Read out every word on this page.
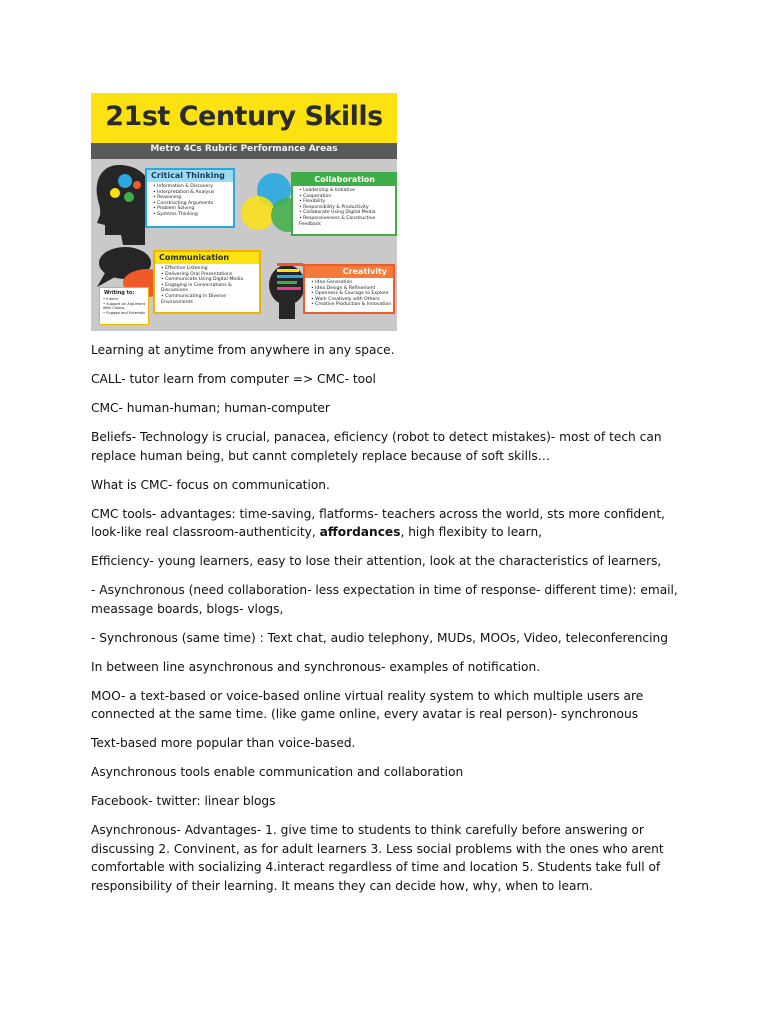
21st Century Skills
Metro 4Cs Rubric Performance Areas
Critical Thinking
• Information & Discovery
• Interpretation & Analysis
• Reasoning
• Constructing Arguments
• Problem Solving
• Systems Thinking
Collaboration
• Leadership & Initiative
• Cooperation
• Flexibility
• Responsibility & Productivity
• Collaborate Using Digital Media
• Responsiveness & Constructive Feedback
Communication
• Effective Listening
• Delivering Oral Presentations
• Communicate Using Digital Media
• Engaging in Conversations & Discussions
• Communicating in Diverse Environments
Creativity
• Idea Generation
• Idea Design & Refinement
• Openness & Courage to Explore
• Work Creatively with Others
• Creative Production & Innovation
Writing to:
• Inform
• Support an Argument With Claims
• Engage and Entertain

Learning at anytime from anywhere in any space.

CALL- tutor learn from computer => CMC- tool

CMC- human-human; human-computer

Beliefs- Technology is crucial, panacea, eficiency (robot to detect mistakes)- most of tech can replace human being, but cannt completely replace because of soft skills…

What is CMC- focus on communication.

CMC tools- advantages: time-saving, flatforms- teachers across the world, sts more confident, look-like real classroom-authenticity, affordances, high flexibity to learn,

Efficiency- young learners, easy to lose their attention, look at the characteristics of learners,

- Asynchronous (need collaboration- less expectation in time of response- different time): email, meassage boards, blogs- vlogs,

- Synchronous (same time) : Text chat, audio telephony, MUDs, MOOs, Video, teleconferencing

In between line asynchronous and synchronous- examples of notification.

MOO- a text-based or voice-based online virtual reality system to which multiple users are connected at the same time. (like game online, every avatar is real person)- synchronous

Text-based more popular than voice-based.

Asynchronous tools enable communication and collaboration

Facebook- twitter: linear blogs

Asynchronous- Advantages- 1. give time to students to think carefully before answering or discussing 2. Convinent, as for adult learners 3. Less social problems with the ones who arent comfortable with socializing 4.interact regardless of time and location 5. Students take full of responsibility of their learning. It means they can decide how, why, when to learn.
